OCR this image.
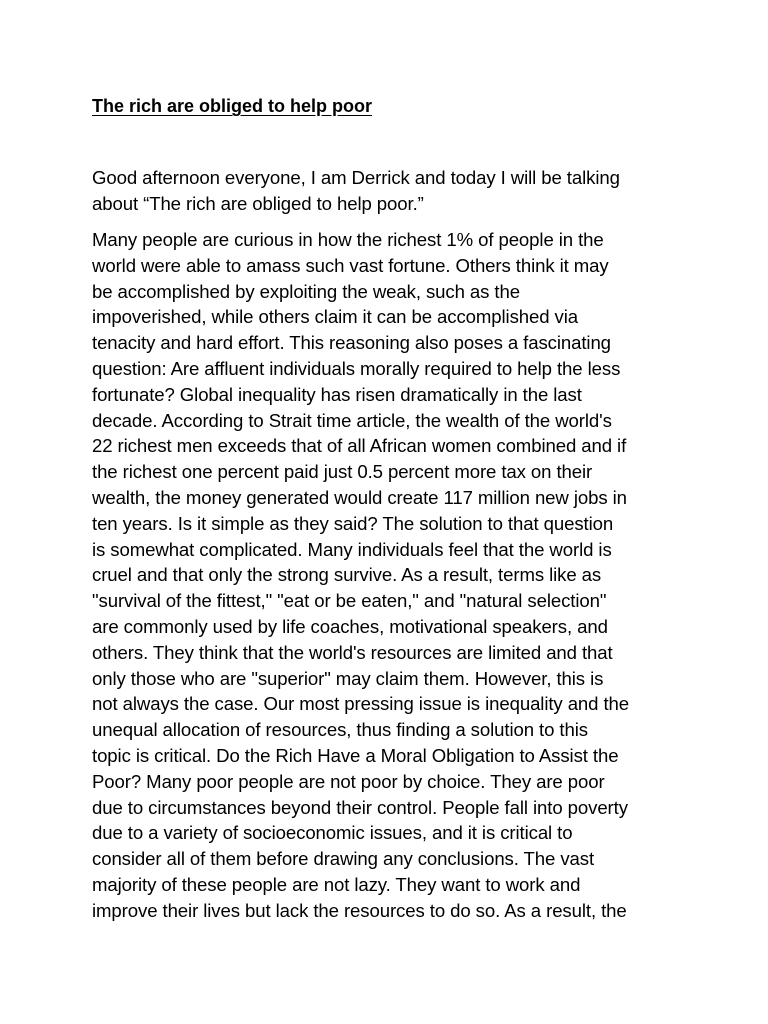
The rich are obliged to help poor

Good afternoon everyone, I am Derrick and today I will be talking
about “The rich are obliged to help poor.”

Many people are curious in how the richest 1% of people in the
world were able to amass such vast fortune. Others think it may
be accomplished by exploiting the weak, such as the
impoverished, while others claim it can be accomplished via
tenacity and hard effort. This reasoning also poses a fascinating
question: Are affluent individuals morally required to help the less
fortunate? Global inequality has risen dramatically in the last
decade. According to Strait time article, the wealth of the world's
22 richest men exceeds that of all African women combined and if
the richest one percent paid just 0.5 percent more tax on their
wealth, the money generated would create 117 million new jobs in
ten years. Is it simple as they said? The solution to that question
is somewhat complicated. Many individuals feel that the world is
cruel and that only the strong survive. As a result, terms like as
"survival of the fittest," "eat or be eaten," and "natural selection"
are commonly used by life coaches, motivational speakers, and
others. They think that the world's resources are limited and that
only those who are "superior" may claim them. However, this is
not always the case. Our most pressing issue is inequality and the
unequal allocation of resources, thus finding a solution to this
topic is critical. Do the Rich Have a Moral Obligation to Assist the
Poor? Many poor people are not poor by choice. They are poor
due to circumstances beyond their control. People fall into poverty
due to a variety of socioeconomic issues, and it is critical to
consider all of them before drawing any conclusions. The vast
majority of these people are not lazy. They want to work and
improve their lives but lack the resources to do so. As a result, the
